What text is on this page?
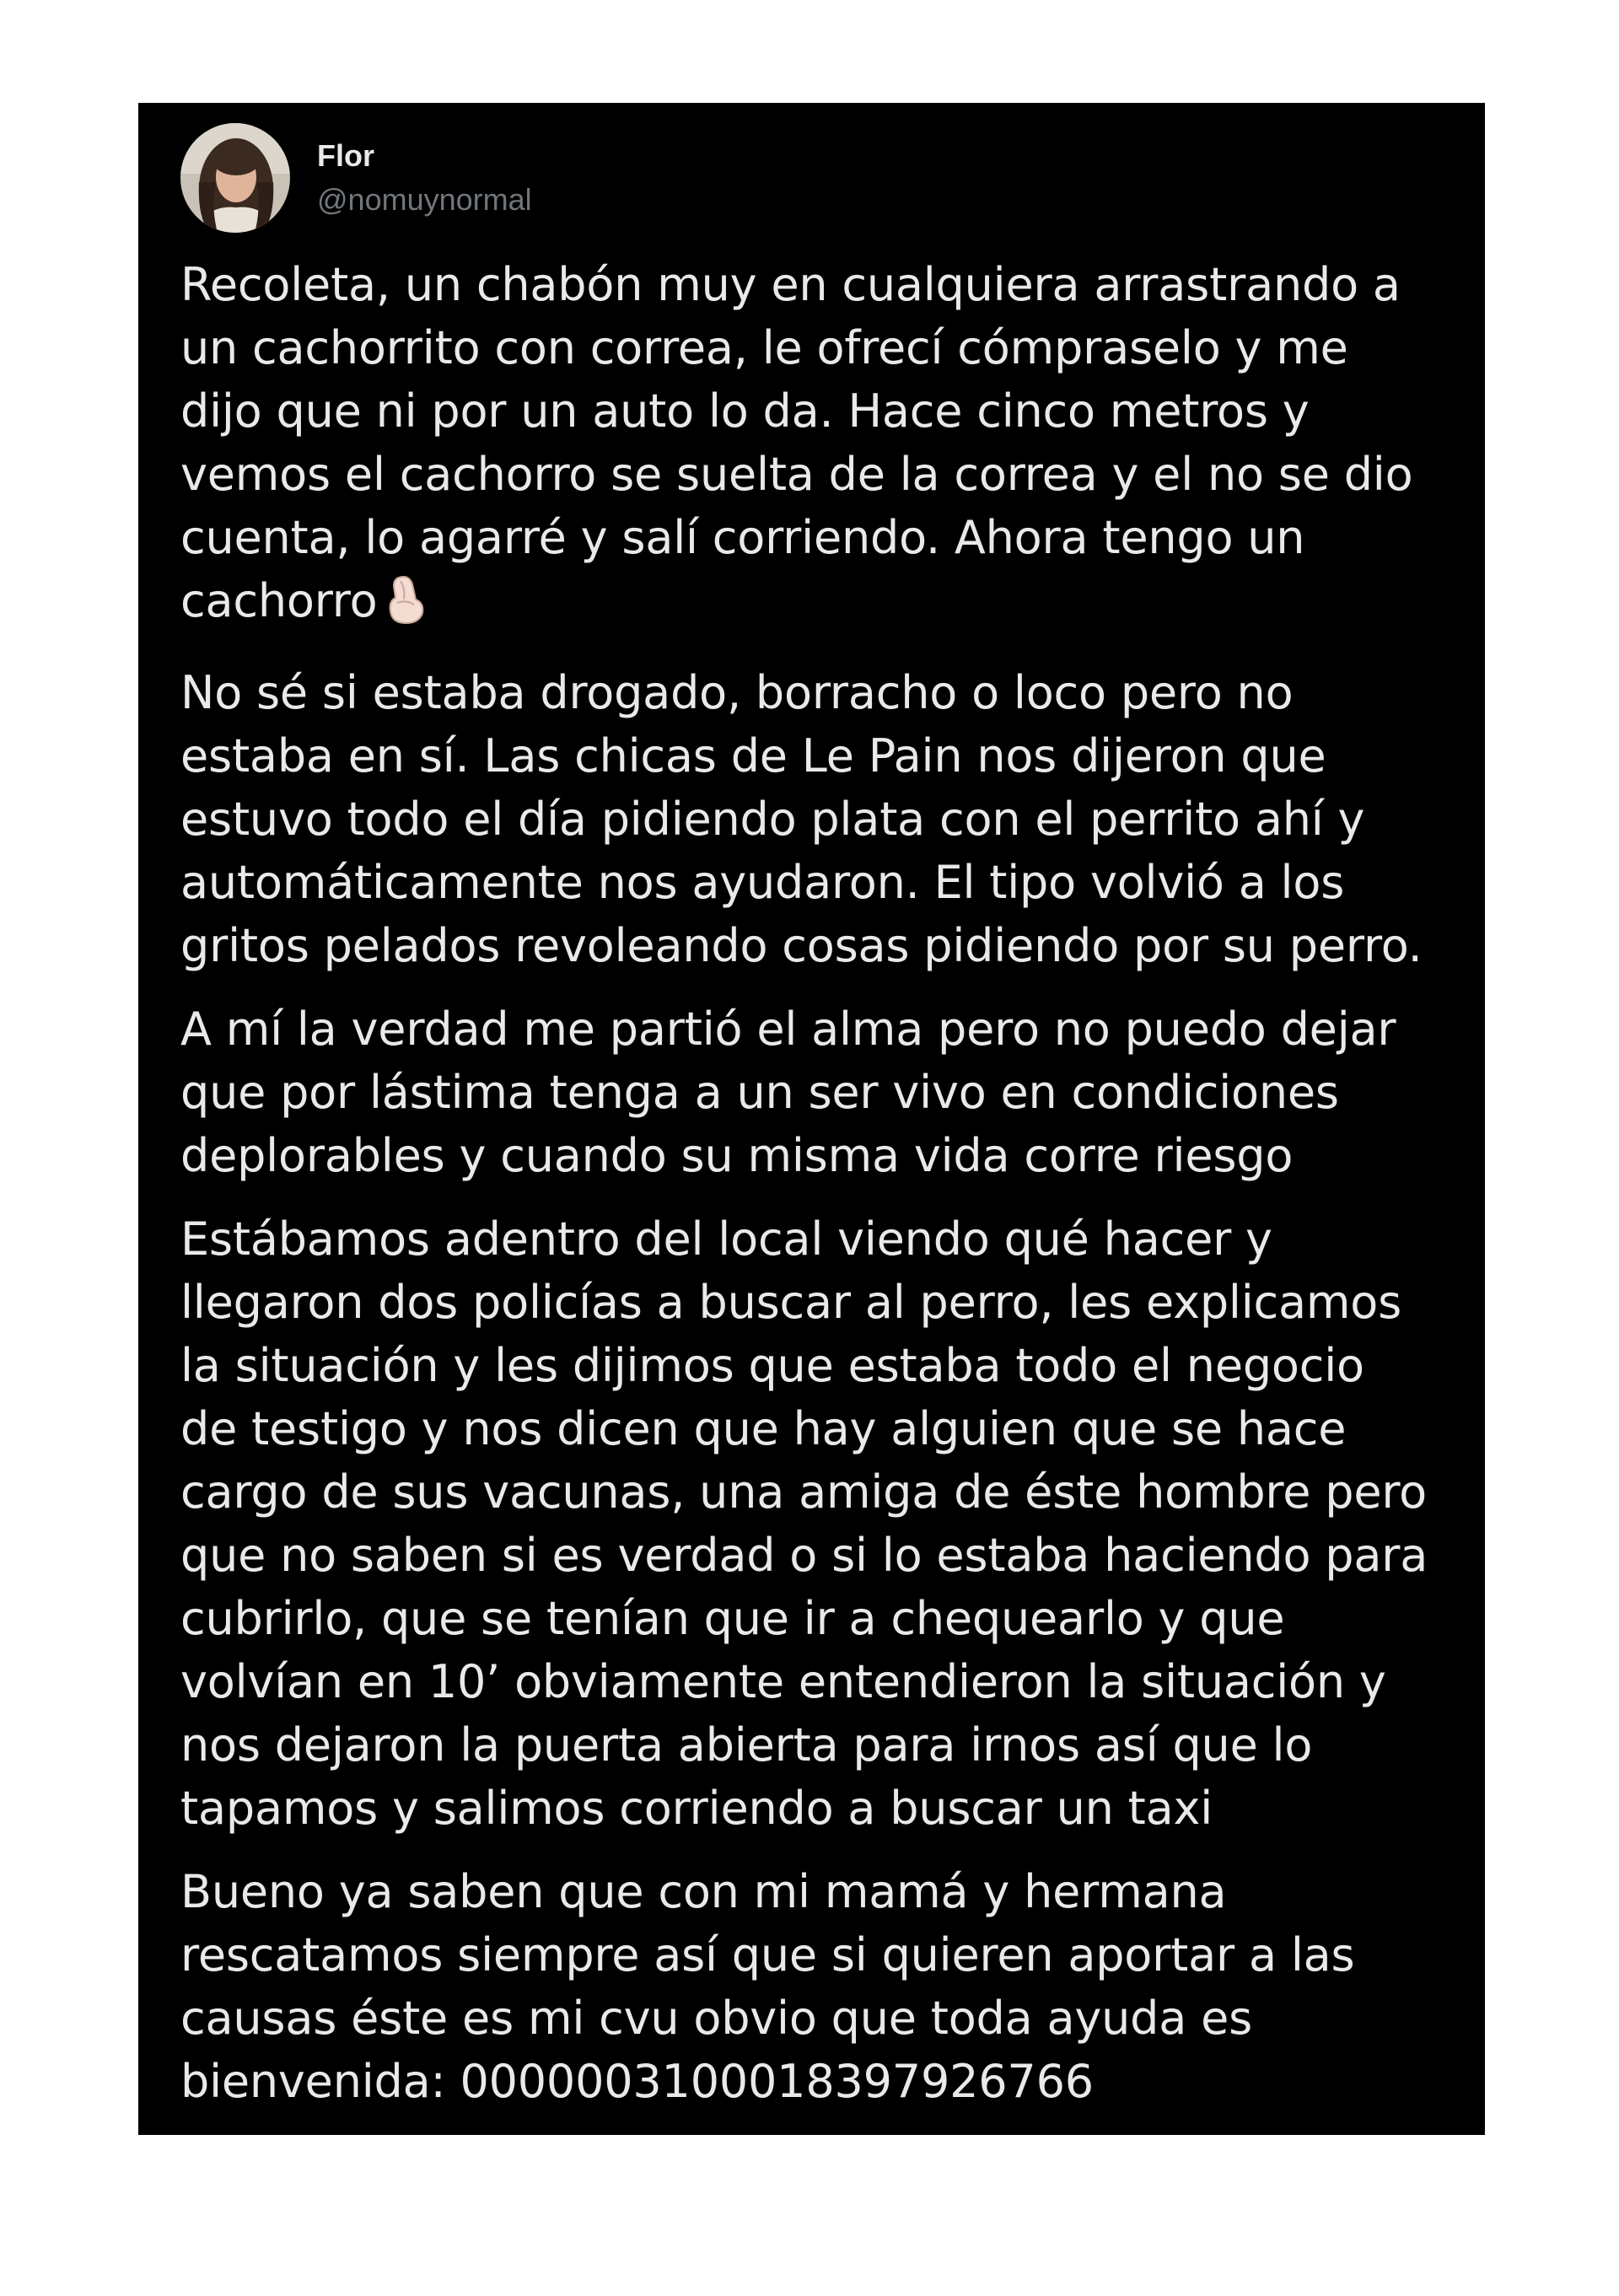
Flor
@nomuynormal

Recoleta, un chabón muy en cualquiera arrastrando a
un cachorrito con correa, le ofrecí cómpraselo y me
dijo que ni por un auto lo da. Hace cinco metros y
vemos el cachorro se suelta de la correa y el no se dio
cuenta, lo agarré y salí corriendo. Ahora tengo un
cachorro

No sé si estaba drogado, borracho o loco pero no
estaba en sí. Las chicas de Le Pain nos dijeron que
estuvo todo el día pidiendo plata con el perrito ahí y
automáticamente nos ayudaron. El tipo volvió a los
gritos pelados revoleando cosas pidiendo por su perro.

A mí la verdad me partió el alma pero no puedo dejar
que por lástima tenga a un ser vivo en condiciones
deplorables y cuando su misma vida corre riesgo

Estábamos adentro del local viendo qué hacer y
llegaron dos policías a buscar al perro, les explicamos
la situación y les dijimos que estaba todo el negocio
de testigo y nos dicen que hay alguien que se hace
cargo de sus vacunas, una amiga de éste hombre pero
que no saben si es verdad o si lo estaba haciendo para
cubrirlo, que se tenían que ir a chequearlo y que
volvían en 10’ obviamente entendieron la situación y
nos dejaron la puerta abierta para irnos así que lo
tapamos y salimos corriendo a buscar un taxi

Bueno ya saben que con mi mamá y hermana
rescatamos siempre así que si quieren aportar a las
causas éste es mi cvu obvio que toda ayuda es
bienvenida: 0000003100018397926766
